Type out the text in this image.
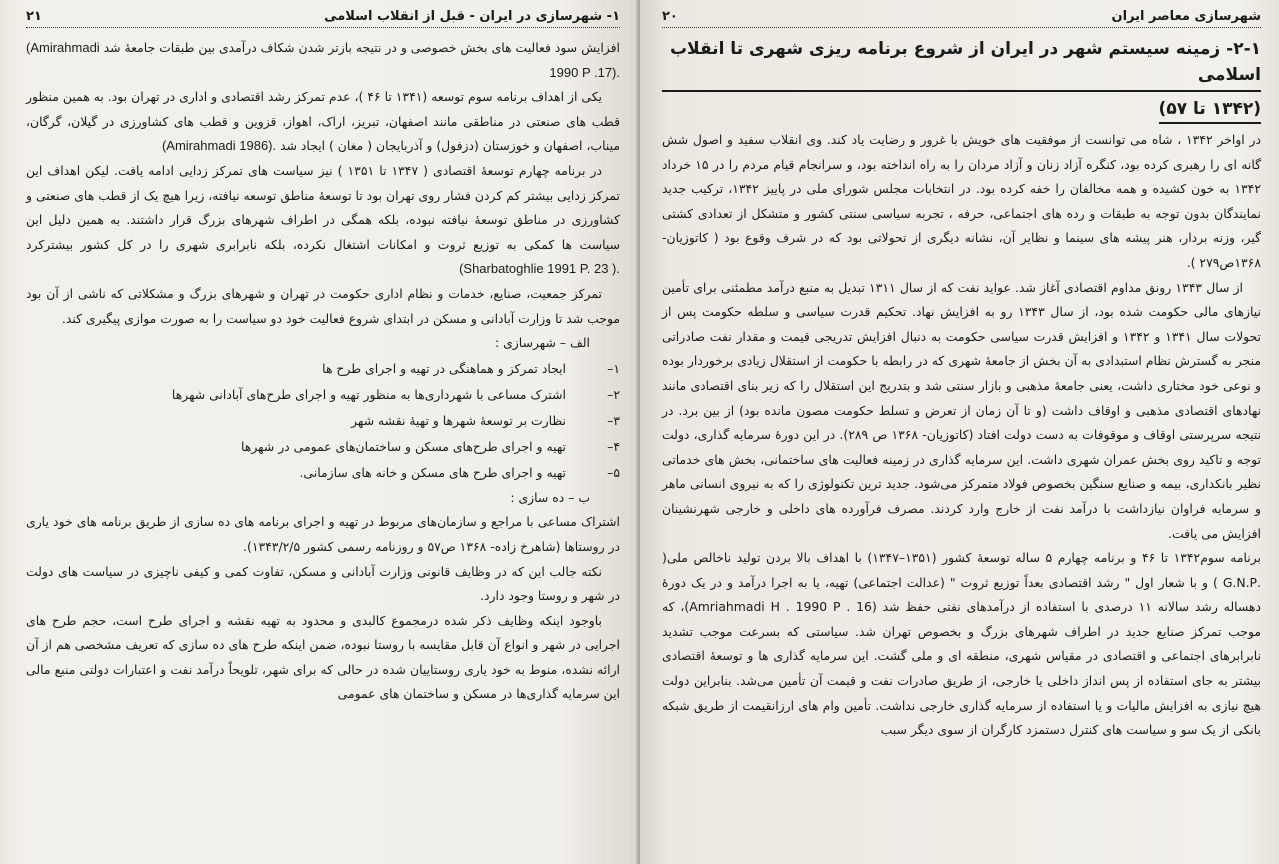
۱- شهرسازی در ایران - قبل از انقلاب اسلامی
۲۱

افزایش سود فعالیت های بخش خصوصی و در نتیجه بازتر شدن شکاف درآمدی بین طبقات جامعهٔ شد (Amirahmadi 1990 P .17).

یکی از اهداف برنامه سوم توسعه (۱۳۴۱ تا ۴۶ )، عدم تمرکز رشد اقتصادی و اداری در تهران بود. به همین منظور قطب های صنعتی در مناطقی مانند اصفهان، تبریز، اراک، اهواز، قزوین و قطب های کشاورزی در گیلان، گرگان، میناب، اصفهان و خوزستان (دزفول) و آذربایجان ( مغان ) ایجاد شد (Amirahmadi 1986).

در برنامه چهارم توسعهٔ اقتصادی ( ۱۳۴۷ تا ۱۳۵۱ ) نیز سیاست های تمرکز زدایی ادامه یافت. لیکن اهداف این تمرکز زدایی بیشتر کم کردن فشار روی تهران بود تا توسعهٔ مناطق توسعه نیافته، زیرا هیچ یک از قطب های صنعتی و کشاورزی در مناطق توسعهٔ نیافته نبوده، بلکه همگی در اطراف شهرهای بزرگ قرار داشتند. به همین دلیل این سیاست ها کمکی به توزیع ثروت و امکانات اشتغال نکرده، بلکه نابرابری شهری را در کل کشور بیشترکرد (Sharbatoghlie 1991 P. 23 ).

تمرکز جمعیت، صنایع، خدمات و نظام اداری حکومت در تهران و شهرهای بزرگ و مشکلاتی که ناشی از آن بود موجب شد تا وزارت آبادانی و مسکن در ابتدای شروع فعالیت خود دو سیاست را به صورت موازی پیگیری کند.

الف – شهرسازی :

۱–
ایجاد تمرکز و هماهنگی در تهیه و اجرای طرح ها
۲–
اشترک مساعی با شهرداری‌ها به منظور تهیه و اجرای طرح‌های آبادانی شهرها
۳–
نظارت بر توسعهٔ شهرها و تهیهٔ نقشه شهر
۴–
تهیه و اجرای طرح‌های مسکن و ساختمان‌های عمومی در شهرها
۵–
تهیه و اجرای طرح های مسکن و خانه های سازمانی.

ب – ده سازی :

اشتراک مساعی با مراجع و سازمان‌های مربوط در تهیه و اجرای برنامه های ده سازی از طریق برنامه های خود یاری در روستاها (شاهرخ زاده- ۱۳۶۸ ص۵۷ و روزنامه رسمی کشور ۱۳۴۳/۲/۵).

نکته جالب این که در وظایف قانونی وزارت آبادانی و مسکن، تفاوت کمی و کیفی ناچیزی در سیاست های دولت در شهر و روستا وجود دارد.

باوجود اینکه وظایف ذکر شده درمجموع کالبدی و محدود به تهیه نقشه و اجرای طرح است، حجم طرح های اجرایی در شهر و انواع آن قابل مقایسه با روستا نبوده، ضمن اینکه طرح های ده سازی که تعریف مشخصی هم از آن ارائه نشده، منوط به خود یاری روستاییان شده در حالی که برای شهر، تلویحاً درآمد نفت و اعتبارات دولتی منبع مالی این سرمایه گذاری‌ها در مسکن و ساختمان های عمومی

شهرسازی معاصر ایران
۲۰
۲-۱- زمینه سیستم شهر در ایران از شروع برنامه ریزی شهری تا انقلاب اسلامی
(۱۳۴۲ تا ۵۷)

در اواخر ۱۳۴۲ ، شاه می توانست از موفقیت های خویش با غرور و رضایت یاد کند. وی انقلاب سفید و اصول شش گانه ای را رهبری کرده بود، کنگره آزاد زنان و آزاد مردان را به راه انداخته بود، و سرانجام قیام مردم را در ۱۵ خرداد ۱۳۴۲ به خون کشیده و همه مخالفان را خفه کرده بود. در انتخابات مجلس شورای ملی در پاییز ۱۳۴۲، ترکیب جدید نمایندگان بدون توجه به طبقات و رده های اجتماعی، حرفه ، تجربه سیاسی سنتی کشور و متشکل از تعدادی کشتی گیر، وزنه بردار، هنر پیشه های سینما و نظایر آن، نشانه دیگری از تحولاتی بود که در شرف وقوع بود ( کاتوزیان- ۱۳۶۸ص۲۷۹ ).

از سال ۱۳۴۳ رونق مداوم اقتصادی آغاز شد. عواید نفت که از سال ۱۳۱۱ تبدیل به منبع درآمد مطمئنی برای تأمین نیازهای مالی حکومت شده بود، از سال ۱۳۴۳ رو به افزایش نهاد. تحکیم قدرت سیاسی و سلطه حکومت پس از تحولات سال ۱۳۴۱ و ۱۳۴۲ و افزایش قدرت سیاسی حکومت به دنبال افزایش تدریجی قیمت و مقدار نفت صادراتی منجر به گسترش نظام استبدادی به آن بخش از جامعهٔ شهری که در رابطه با حکومت از استقلال زیادی برخوردار بوده و نوعی خود مختاری داشت، یعنی جامعهٔ مذهبی و بازار سنتی شد و بتدریج این استقلال را که زیر بنای اقتصادی مانند نهادهای اقتصادی مذهبی و اوقاف داشت (و تا آن زمان از تعرض و تسلط حکومت مصون مانده بود) از بین برد. در نتیجه سرپرستی اوقاف و موقوفات به دست دولت افتاد (کاتوزیان- ۱۳۶۸ ص ۲۸۹). در این دورهٔ سرمایه گذاری، دولت توجه و تاکید روی بخش عمران شهری داشت. این سرمایه گذاری در زمینه فعالیت های ساختمانی، بخش های خدماتی نظیر بانکداری، بیمه و صنایع سنگین بخصوص فولاد متمرکز می‌شود. جدید ترین تکنولوژی را که به نیروی انسانی ماهر و سرمایه فراوان نیازداشت با درآمد نفت از خارج وارد کردند. مصرف فرآورده های داخلی و خارجی شهرنشینان افزایش می یافت.

برنامه سوم۱۳۴۲ تا ۴۶ و برنامه چهارم ۵ ساله توسعهٔ کشور (۱۳۵۱–۱۳۴۷) با اهداف بالا بردن تولید ناخالص ملی( .G.N.P ) و با شعار اول " رشد اقتصادی بعداً توزیع ثروت " (عدالت اجتماعی) تهیه، یا به اجرا درآمد و در یک دورهٔ دهساله رشد سالانه ۱۱ درصدی با استفاده از درآمدهای نفتی حفظ شد (Amriahmadi H . 1990 P . 16)، که موجب تمرکز صنایع جدید در اطراف شهرهای بزرگ و بخصوص تهران شد. سیاستی که بسرعت موجب تشدید نابرابرهای اجتماعی و اقتصادی در مقیاس شهری، منطقه ای و ملی گشت. این سرمایه گذاری ها و توسعهٔ اقتصادی بیشتر به جای استفاده از پس انداز داخلی یا خارجی، از طریق صادرات نفت و قیمت آن تأمین می‌شد. بنابراین دولت هیچ نیازی به افزایش مالیات و یا استفاده از سرمایه گذاری خارجی نداشت. تأمین وام های ارزانقیمت از طریق شبکه بانکی از یک سو و سیاست های کنترل دستمزد کارگران از سوی دیگر سبب
